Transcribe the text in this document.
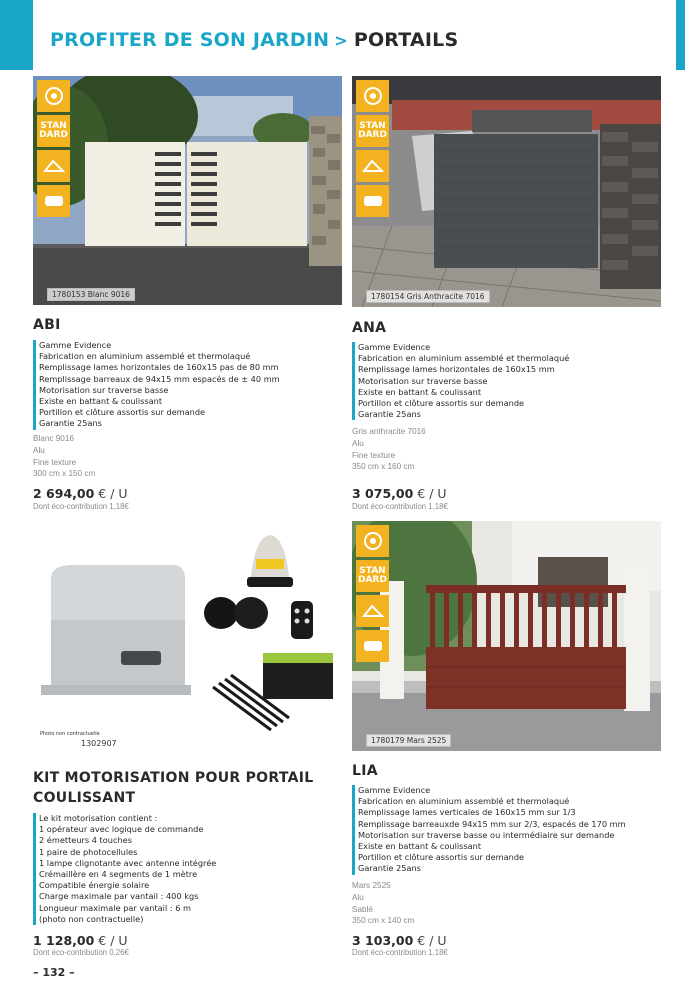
PROFITER DE SON JARDIN > PORTAILS
STAN DARD
1780153 Blanc 9016
STAN DARD
1780154 Gris Anthracite 7016
ABI
Gamme Evidence
Fabrication en aluminium assemblé et thermolaqué
Remplissage lames horizontales de 160x15 pas de 80 mm
Remplissage barreaux de 94x15 mm espacés de ± 40 mm
Motorisation sur traverse basse
Existe en battant & coulissant
Portillon et clôture assortis sur demande
Garantie 25ans
Blanc 9016
Alu
Fine texture
300 cm x 150 cm
2 694,00 € / U
Dont éco-contribution 1,18€
ANA
Gamme Evidence
Fabrication en aluminium assemblé et thermolaqué
Remplissage lames horizontales de 160x15 mm
Motorisation sur traverse basse
Existe en battant & coulissant
Portillon et clôture assortis sur demande
Garantie 25ans
Gris anthracite 7016
Alu
Fine texture
350 cm x 160 cm
3 075,00 € / U
Dont éco-contribution 1,18€
Photo non contractuelle
1302907
STAN DARD
1780179 Mars 2525
KIT MOTORISATION POUR PORTAIL
COULISSANT
Le kit motorisation contient :
1 opérateur avec logique de commande
2 émetteurs 4 touches
1 paire de photocellules
1 lampe clignotante avec antenne intégrée
Crémaillère en 4 segments de 1 mètre
Compatible énergie solaire
Charge maximale par vantail : 400 kgs
Longueur maximale par vantail : 6 m
(photo non contractuelle)
1 128,00 € / U
Dont éco-contribution 0,26€
LIA
Gamme Evidence
Fabrication en aluminium assemblé et thermolaqué
Remplissage lames verticales de 160x15 mm sur 1/3
Remplissage barreauxde 94x15 mm sur 2/3, espacés de 170 mm
Motorisation sur traverse basse ou intermédiaire sur demande
Existe en battant & coulissant
Portillon et clôture assortis sur demande
Garantie 25ans
Mars 2525
Alu
Sablé
350 cm x 140 cm
3 103,00 € / U
Dont éco-contribution 1,18€
– 132 –
